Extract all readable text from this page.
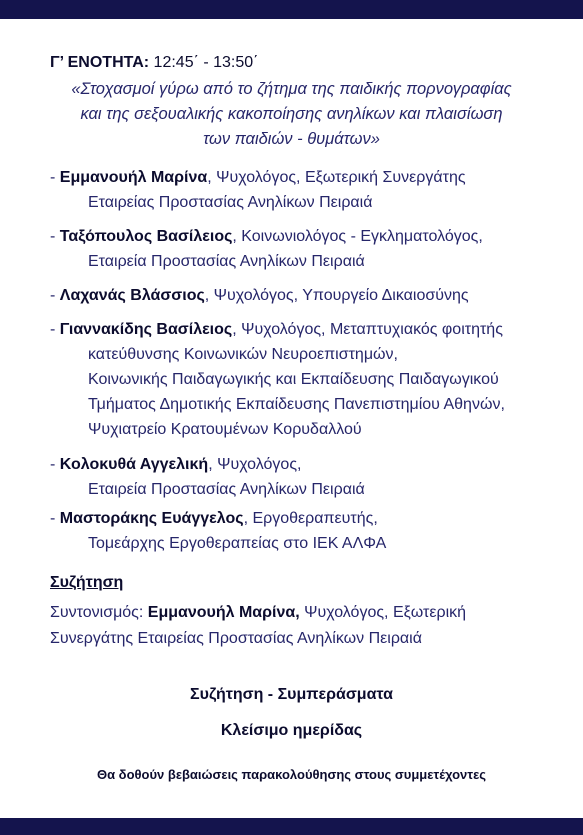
Γ’ ΕΝΟΤΗΤΑ: 12:45΄ - 13:50΄
«Στοχασμοί γύρω από το ζήτημα της παιδικής πορνογραφίας
και της σεξουαλικής κακοποίησης ανηλίκων και πλαισίωση
των παιδιών - θυμάτων»
- Εμμανουήλ Μαρίνα, Ψυχολόγος, Εξωτερική Συνεργάτης
Εταιρείας Προστασίας Ανηλίκων Πειραιά
- Ταξόπουλος Βασίλειος, Κοινωνιολόγος - Εγκληματολόγος,
Εταιρεία Προστασίας Ανηλίκων Πειραιά
- Λαχανάς Βλάσσιος, Ψυχολόγος, Υπουργείο Δικαιοσύνης
- Γιαννακίδης Βασίλειος, Ψυχολόγος, Μεταπτυχιακός φοιτητής
κατεύθυνσης Κοινωνικών Νευροεπιστημών,
Κοινωνικής Παιδαγωγικής και Εκπαίδευσης Παιδαγωγικού
Τμήματος Δημοτικής Εκπαίδευσης Πανεπιστημίου Αθηνών,
Ψυχιατρείο Κρατουμένων Κορυδαλλού
- Κολοκυθά Αγγελική, Ψυχολόγος,
Εταιρεία Προστασίας Ανηλίκων Πειραιά
- Μαστοράκης Ευάγγελος, Εργοθεραπευτής,
Τομεάρχης Εργοθεραπείας στο ΙΕΚ ΑΛΦΑ
Συζήτηση
Συντονισμός: Εμμανουήλ Μαρίνα, Ψυχολόγος, Εξωτερική
Συνεργάτης Εταιρείας Προστασίας Ανηλίκων Πειραιά
Συζήτηση - Συμπεράσματα
Κλείσιμο ημερίδας
Θα δοθούν βεβαιώσεις παρακολούθησης στους συμμετέχοντες
